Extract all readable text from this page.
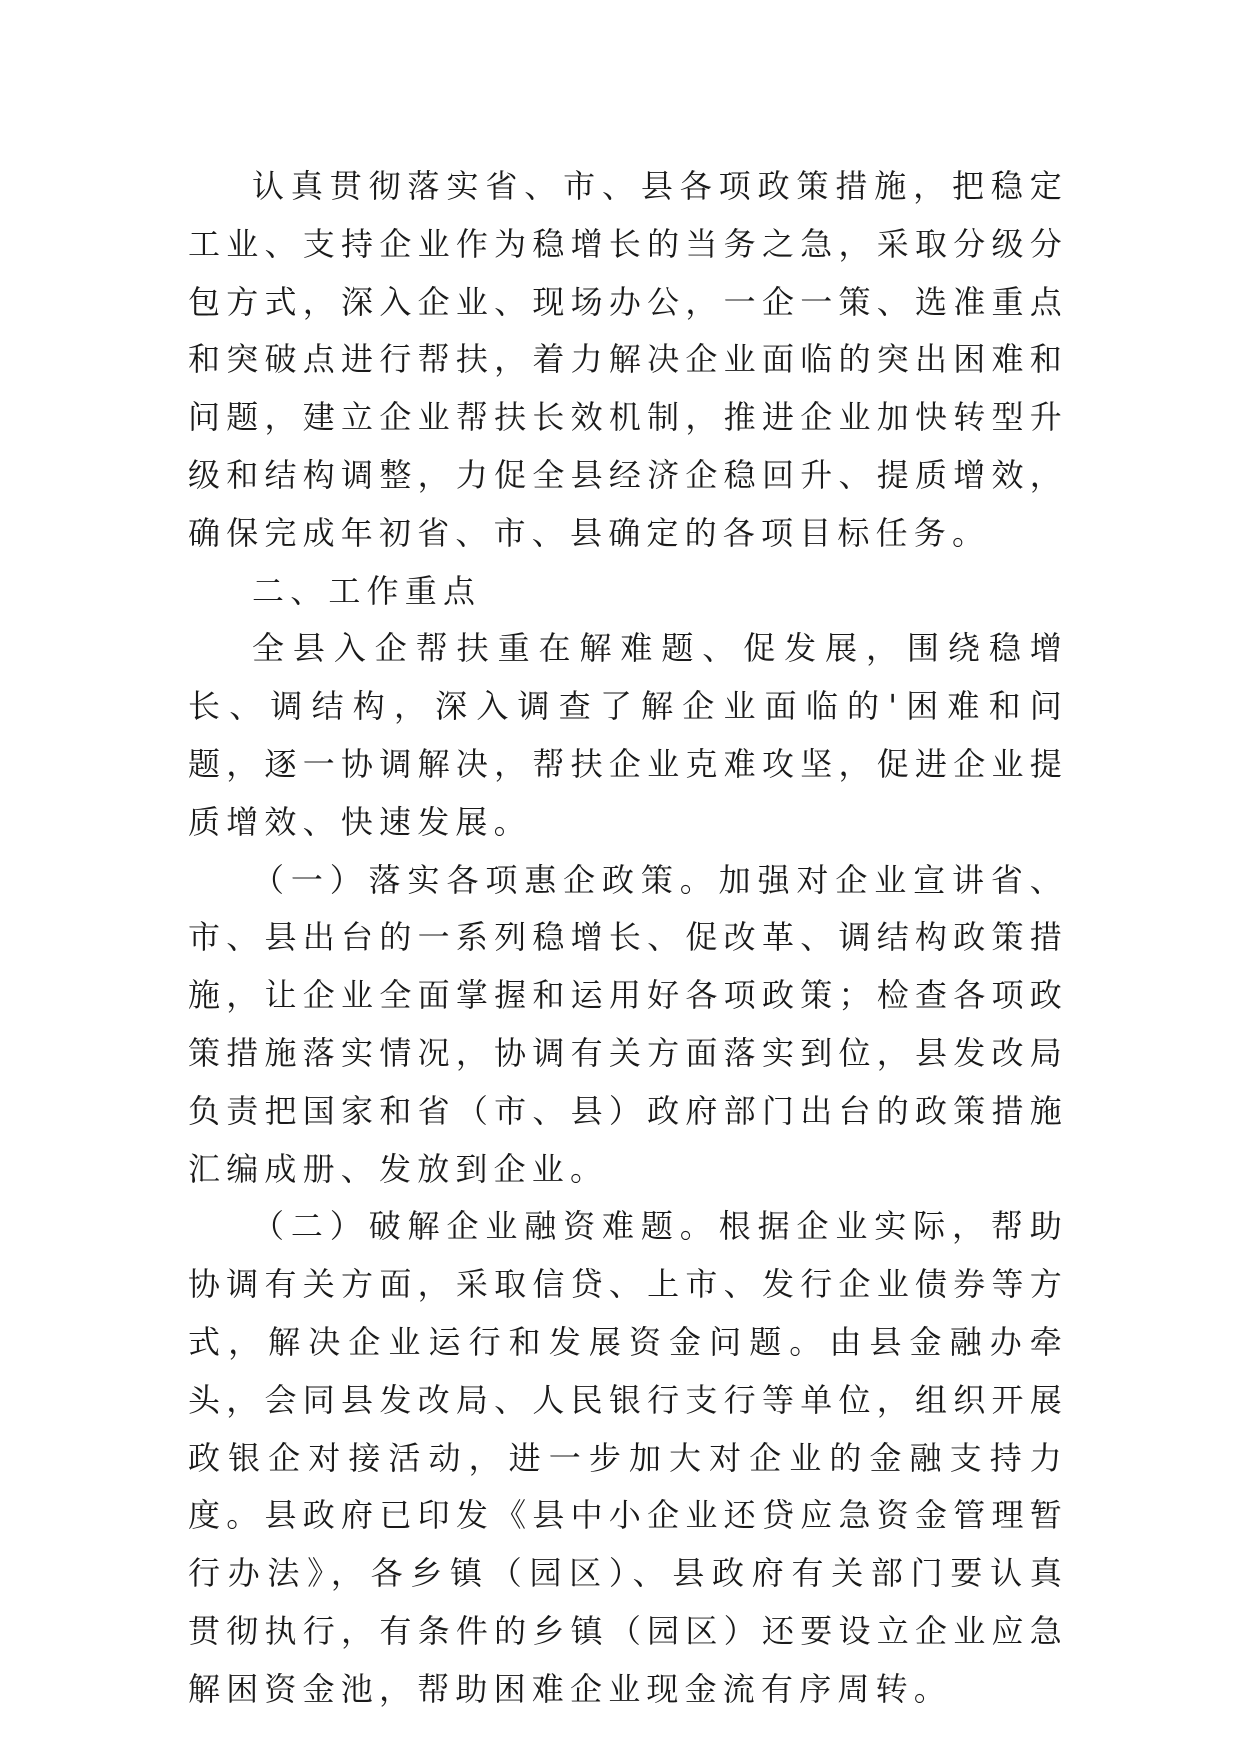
认真贯彻落实省、市、县各项政策措施，把稳定工业、支持企业作为稳增长的当务之急，采取分级分包方式，深入企业、现场办公，一企一策、选准重点和突破点进行帮扶，着力解决企业面临的突出困难和问题，建立企业帮扶长效机制，推进企业加快转型升级和结构调整，力促全县经济企稳回升、提质增效，确保完成年初省、市、县确定的各项目标任务。

二、工作重点

全县入企帮扶重在解难题、促发展，围绕稳增长、调结构，深入调查了解企业面临的'困难和问题，逐一协调解决，帮扶企业克难攻坚，促进企业提质增效、快速发展。

（一）落实各项惠企政策。加强对企业宣讲省、市、县出台的一系列稳增长、促改革、调结构政策措施，让企业全面掌握和运用好各项政策；检查各项政策措施落实情况，协调有关方面落实到位，县发改局负责把国家和省（市、县）政府部门出台的政策措施汇编成册、发放到企业。

（二）破解企业融资难题。根据企业实际，帮助协调有关方面，采取信贷、上市、发行企业债券等方式，解决企业运行和发展资金问题。由县金融办牵头，会同县发改局、人民银行支行等单位，组织开展政银企对接活动，进一步加大对企业的金融支持力度。县政府已印发《县中小企业还贷应急资金管理暂行办法》，各乡镇（园区）、县政府有关部门要认真贯彻执行，有条件的乡镇（园区）还要设立企业应急解困资金池，帮助困难企业现金流有序周转。
